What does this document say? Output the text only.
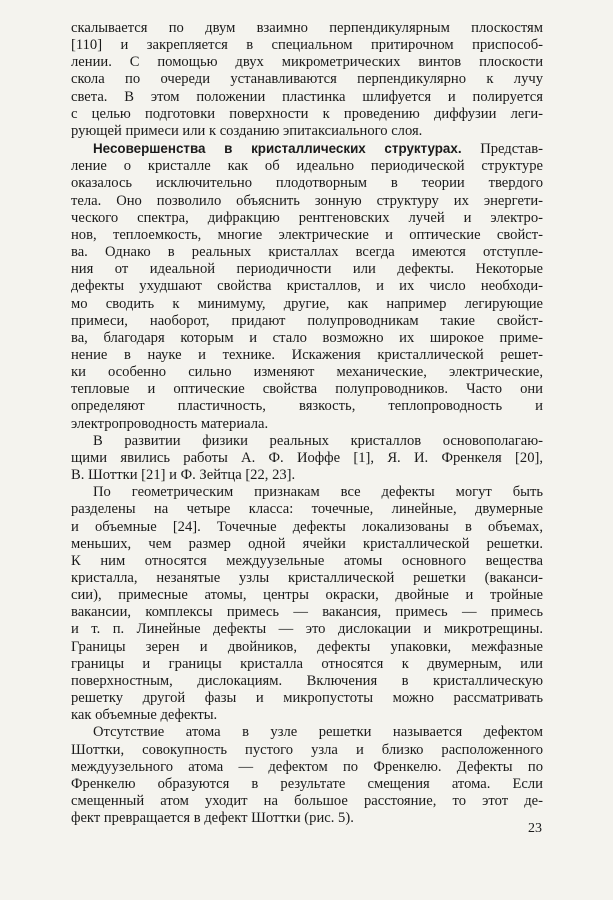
скалывается по двум взаимно перпендикулярным плоскостям
[110] и закрепляется в специальном притирочном приспособ-
лении. С помощью двух микрометрических винтов плоскости
скола по очереди устанавливаются перпендикулярно к лучу
света. В этом положении пластинка шлифуется и полируется
с целью подготовки поверхности к проведению диффузии леги-
рующей примеси или к созданию эпитаксиального слоя.

Несовершенства в кристаллических структурах. Представ-
ление о кристалле как об идеально периодической структуре
оказалось исключительно плодотворным в теории твердого
тела. Оно позволило объяснить зонную структуру их энергети-
ческого спектра, дифракцию рентгеновских лучей и электро-
нов, теплоемкость, многие электрические и оптические свойст-
ва. Однако в реальных кристаллах всегда имеются отступле-
ния от идеальной периодичности или дефекты. Некоторые
дефекты ухудшают свойства кристаллов, и их число необходи-
мо сводить к минимуму, другие, как например легирующие
примеси, наоборот, придают полупроводникам такие свойст-
ва, благодаря которым и стало возможно их широкое приме-
нение в науке и технике. Искажения кристаллической решет-
ки особенно сильно изменяют механические, электрические,
тепловые и оптические свойства полупроводников. Часто они
определяют пластичность, вязкость, теплопроводность и
электропроводность материала.

В развитии физики реальных кристаллов основополагаю-
щими явились работы А. Ф. Иоффе [1], Я. И. Френкеля [20],
В. Шоттки [21] и Ф. Зейтца [22, 23].

По геометрическим признакам все дефекты могут быть
разделены на четыре класса: точечные, линейные, двумерные
и объемные [24]. Точечные дефекты локализованы в объемах,
меньших, чем размер одной ячейки кристаллической решетки.
К ним относятся междуузельные атомы основного вещества
кристалла, незанятые узлы кристаллической решетки (ваканси-
сии), примесные атомы, центры окраски, двойные и тройные
вакансии, комплексы примесь — вакансия, примесь — примесь
и т. п. Линейные дефекты — это дислокации и микротрещины.
Границы зерен и двойников, дефекты упаковки, межфазные
границы и границы кристалла относятся к двумерным, или
поверхностным, дислокациям. Включения в кристаллическую
решетку другой фазы и микропустоты можно рассматривать
как объемные дефекты.

Отсутствие атома в узле решетки называется дефектом
Шоттки, совокупность пустого узла и близко расположенного
междуузельного атома — дефектом по Френкелю. Дефекты по
Френкелю образуются в результате смещения атома. Если
смещенный атом уходит на большое расстояние, то этот де-
фект превращается в дефект Шоттки (рис. 5).

23
